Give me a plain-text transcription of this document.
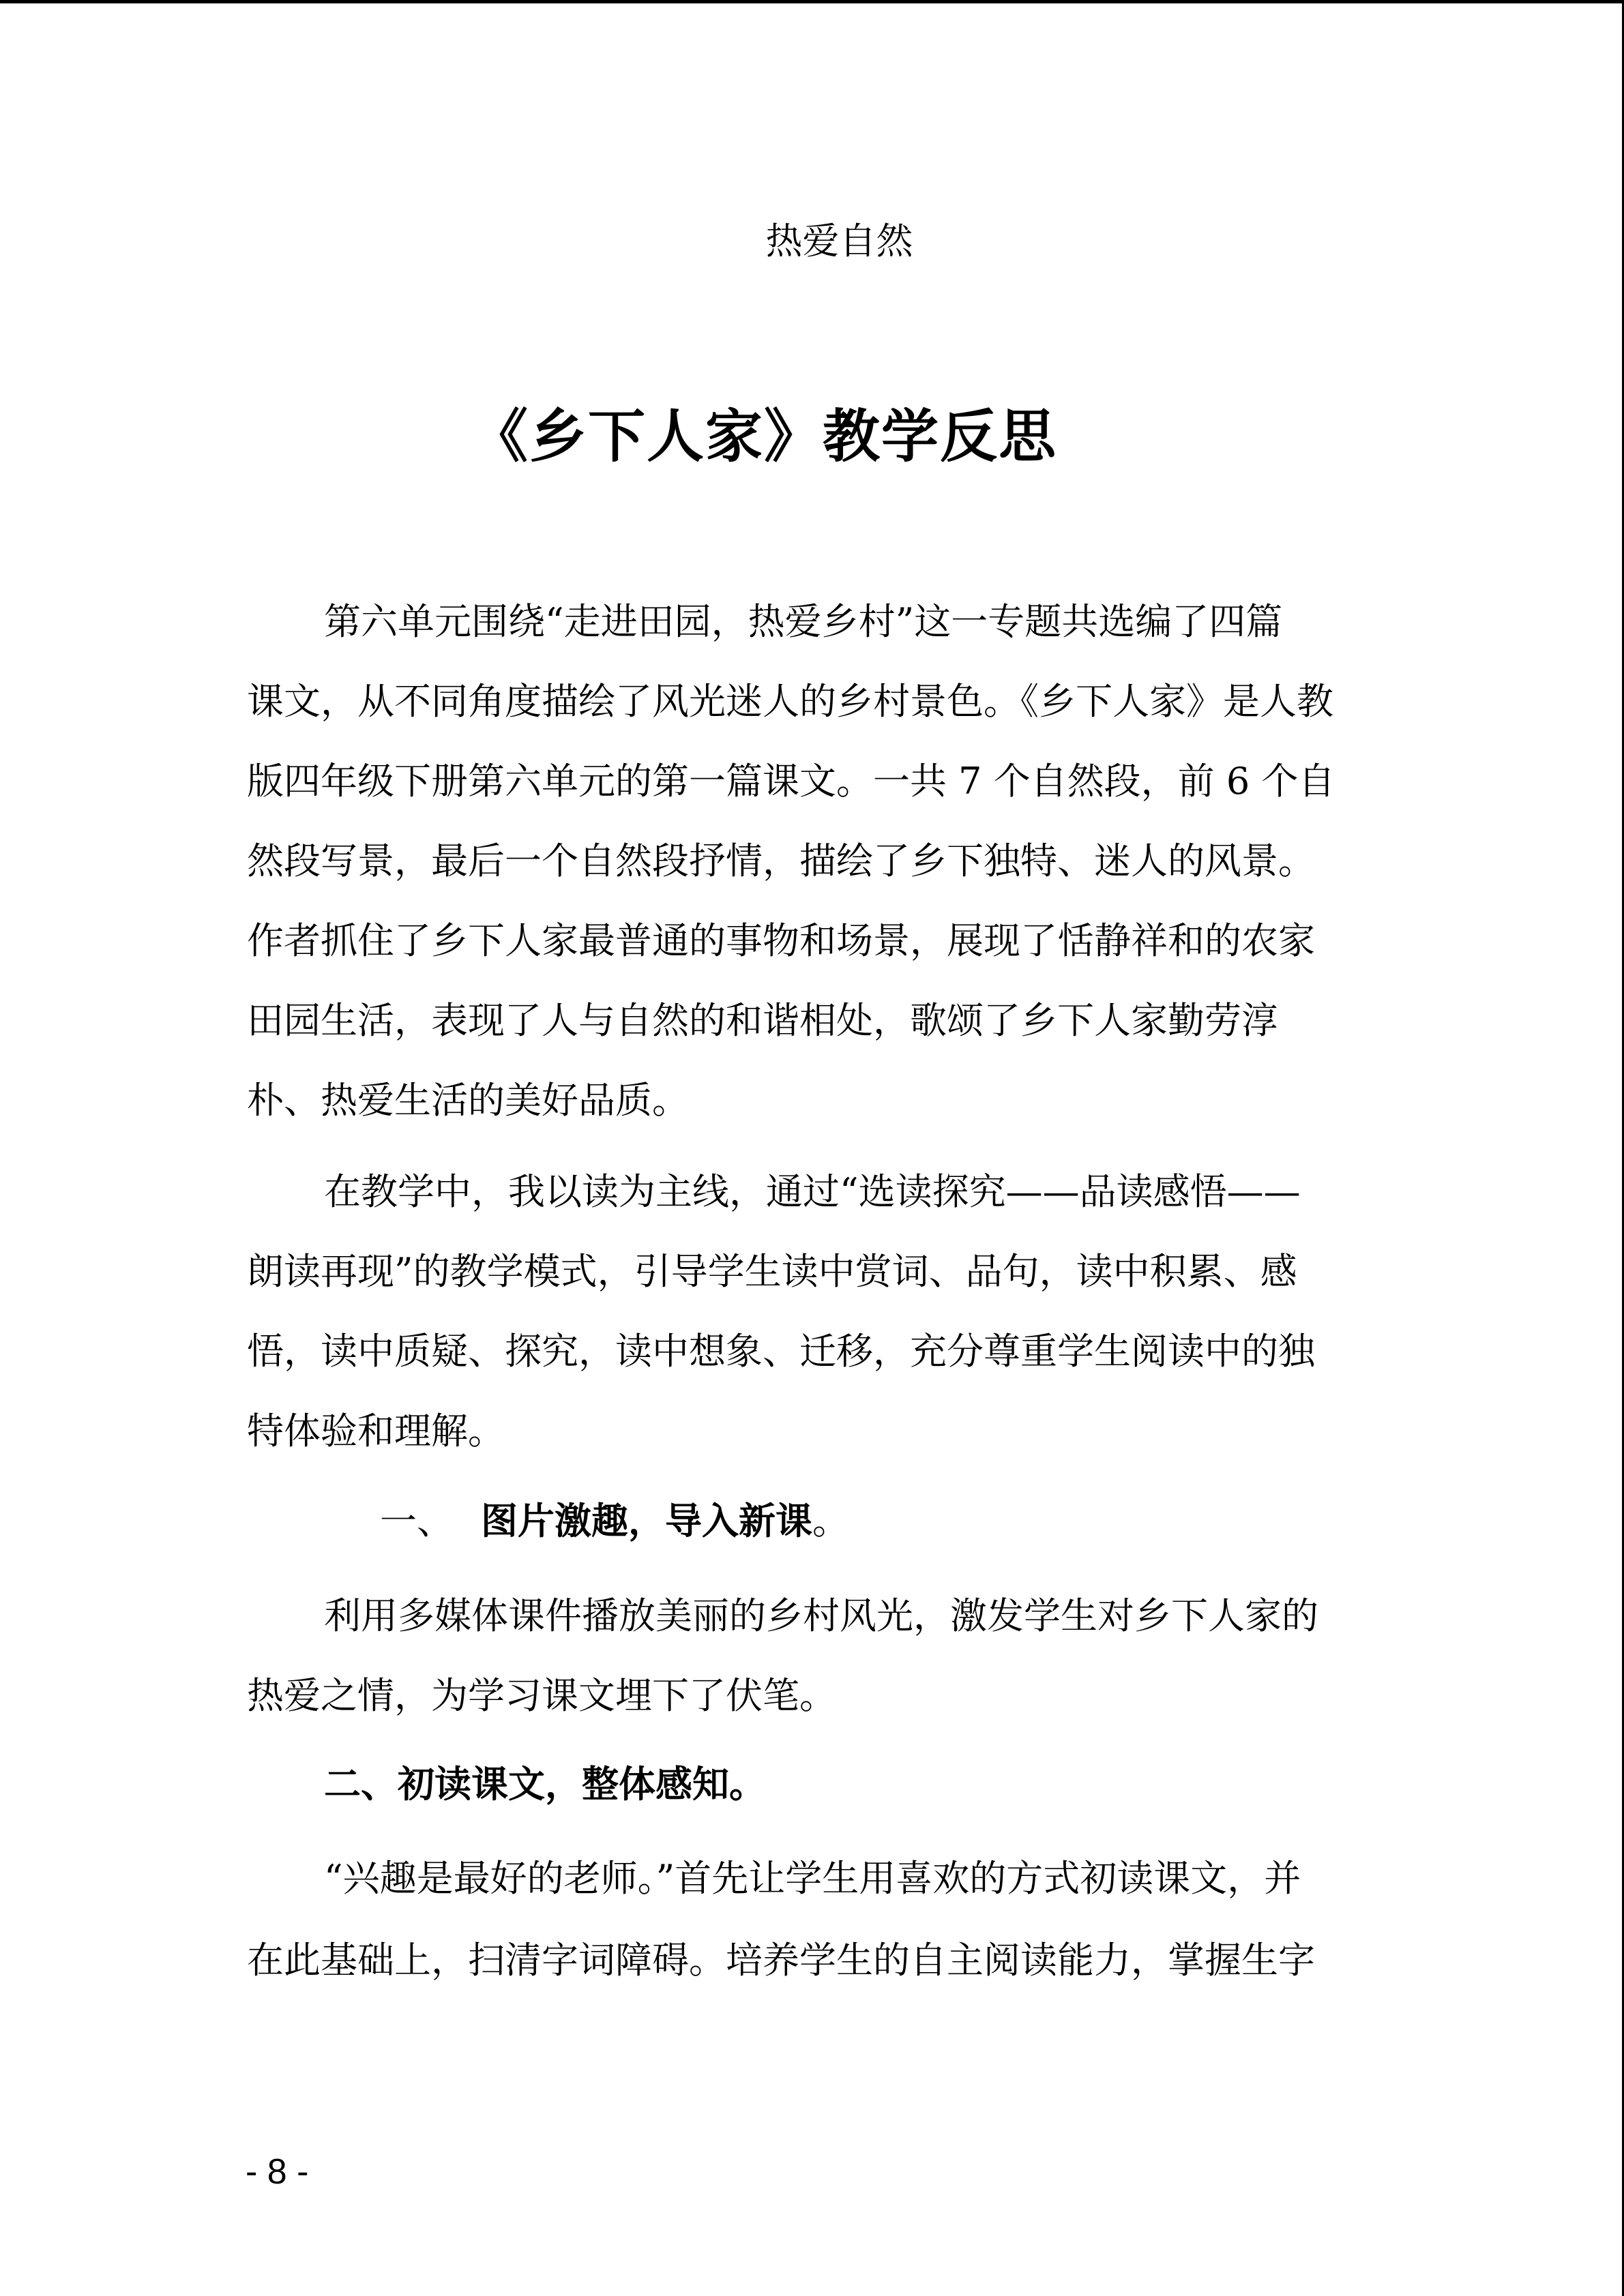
热爱自然
《乡下人家》教学反思
第六单元围绕“走进田园，热爱乡村”这一专题共选编了四篇
课文，从不同角度描绘了风光迷人的乡村景色。《乡下人家》是人教
版四年级下册第六单元的第一篇课文。一共 7 个自然段，前 6 个自
然段写景，最后一个自然段抒情，描绘了乡下独特、迷人的风景。
作者抓住了乡下人家最普通的事物和场景，展现了恬静祥和的农家
田园生活，表现了人与自然的和谐相处，歌颂了乡下人家勤劳淳
朴、热爱生活的美好品质。
在教学中，我以读为主线，通过“选读探究——品读感悟——
朗读再现”的教学模式，引导学生读中赏词、品句，读中积累、感
悟，读中质疑、探究，读中想象、迁移，充分尊重学生阅读中的独
特体验和理解。
一、 图片激趣，导入新课。
利用多媒体课件播放美丽的乡村风光，激发学生对乡下人家的
热爱之情，为学习课文埋下了伏笔。
二、初读课文，整体感知。
“兴趣是最好的老师。”首先让学生用喜欢的方式初读课文，并
在此基础上，扫清字词障碍。培养学生的自主阅读能力，掌握生字
- 8 -
